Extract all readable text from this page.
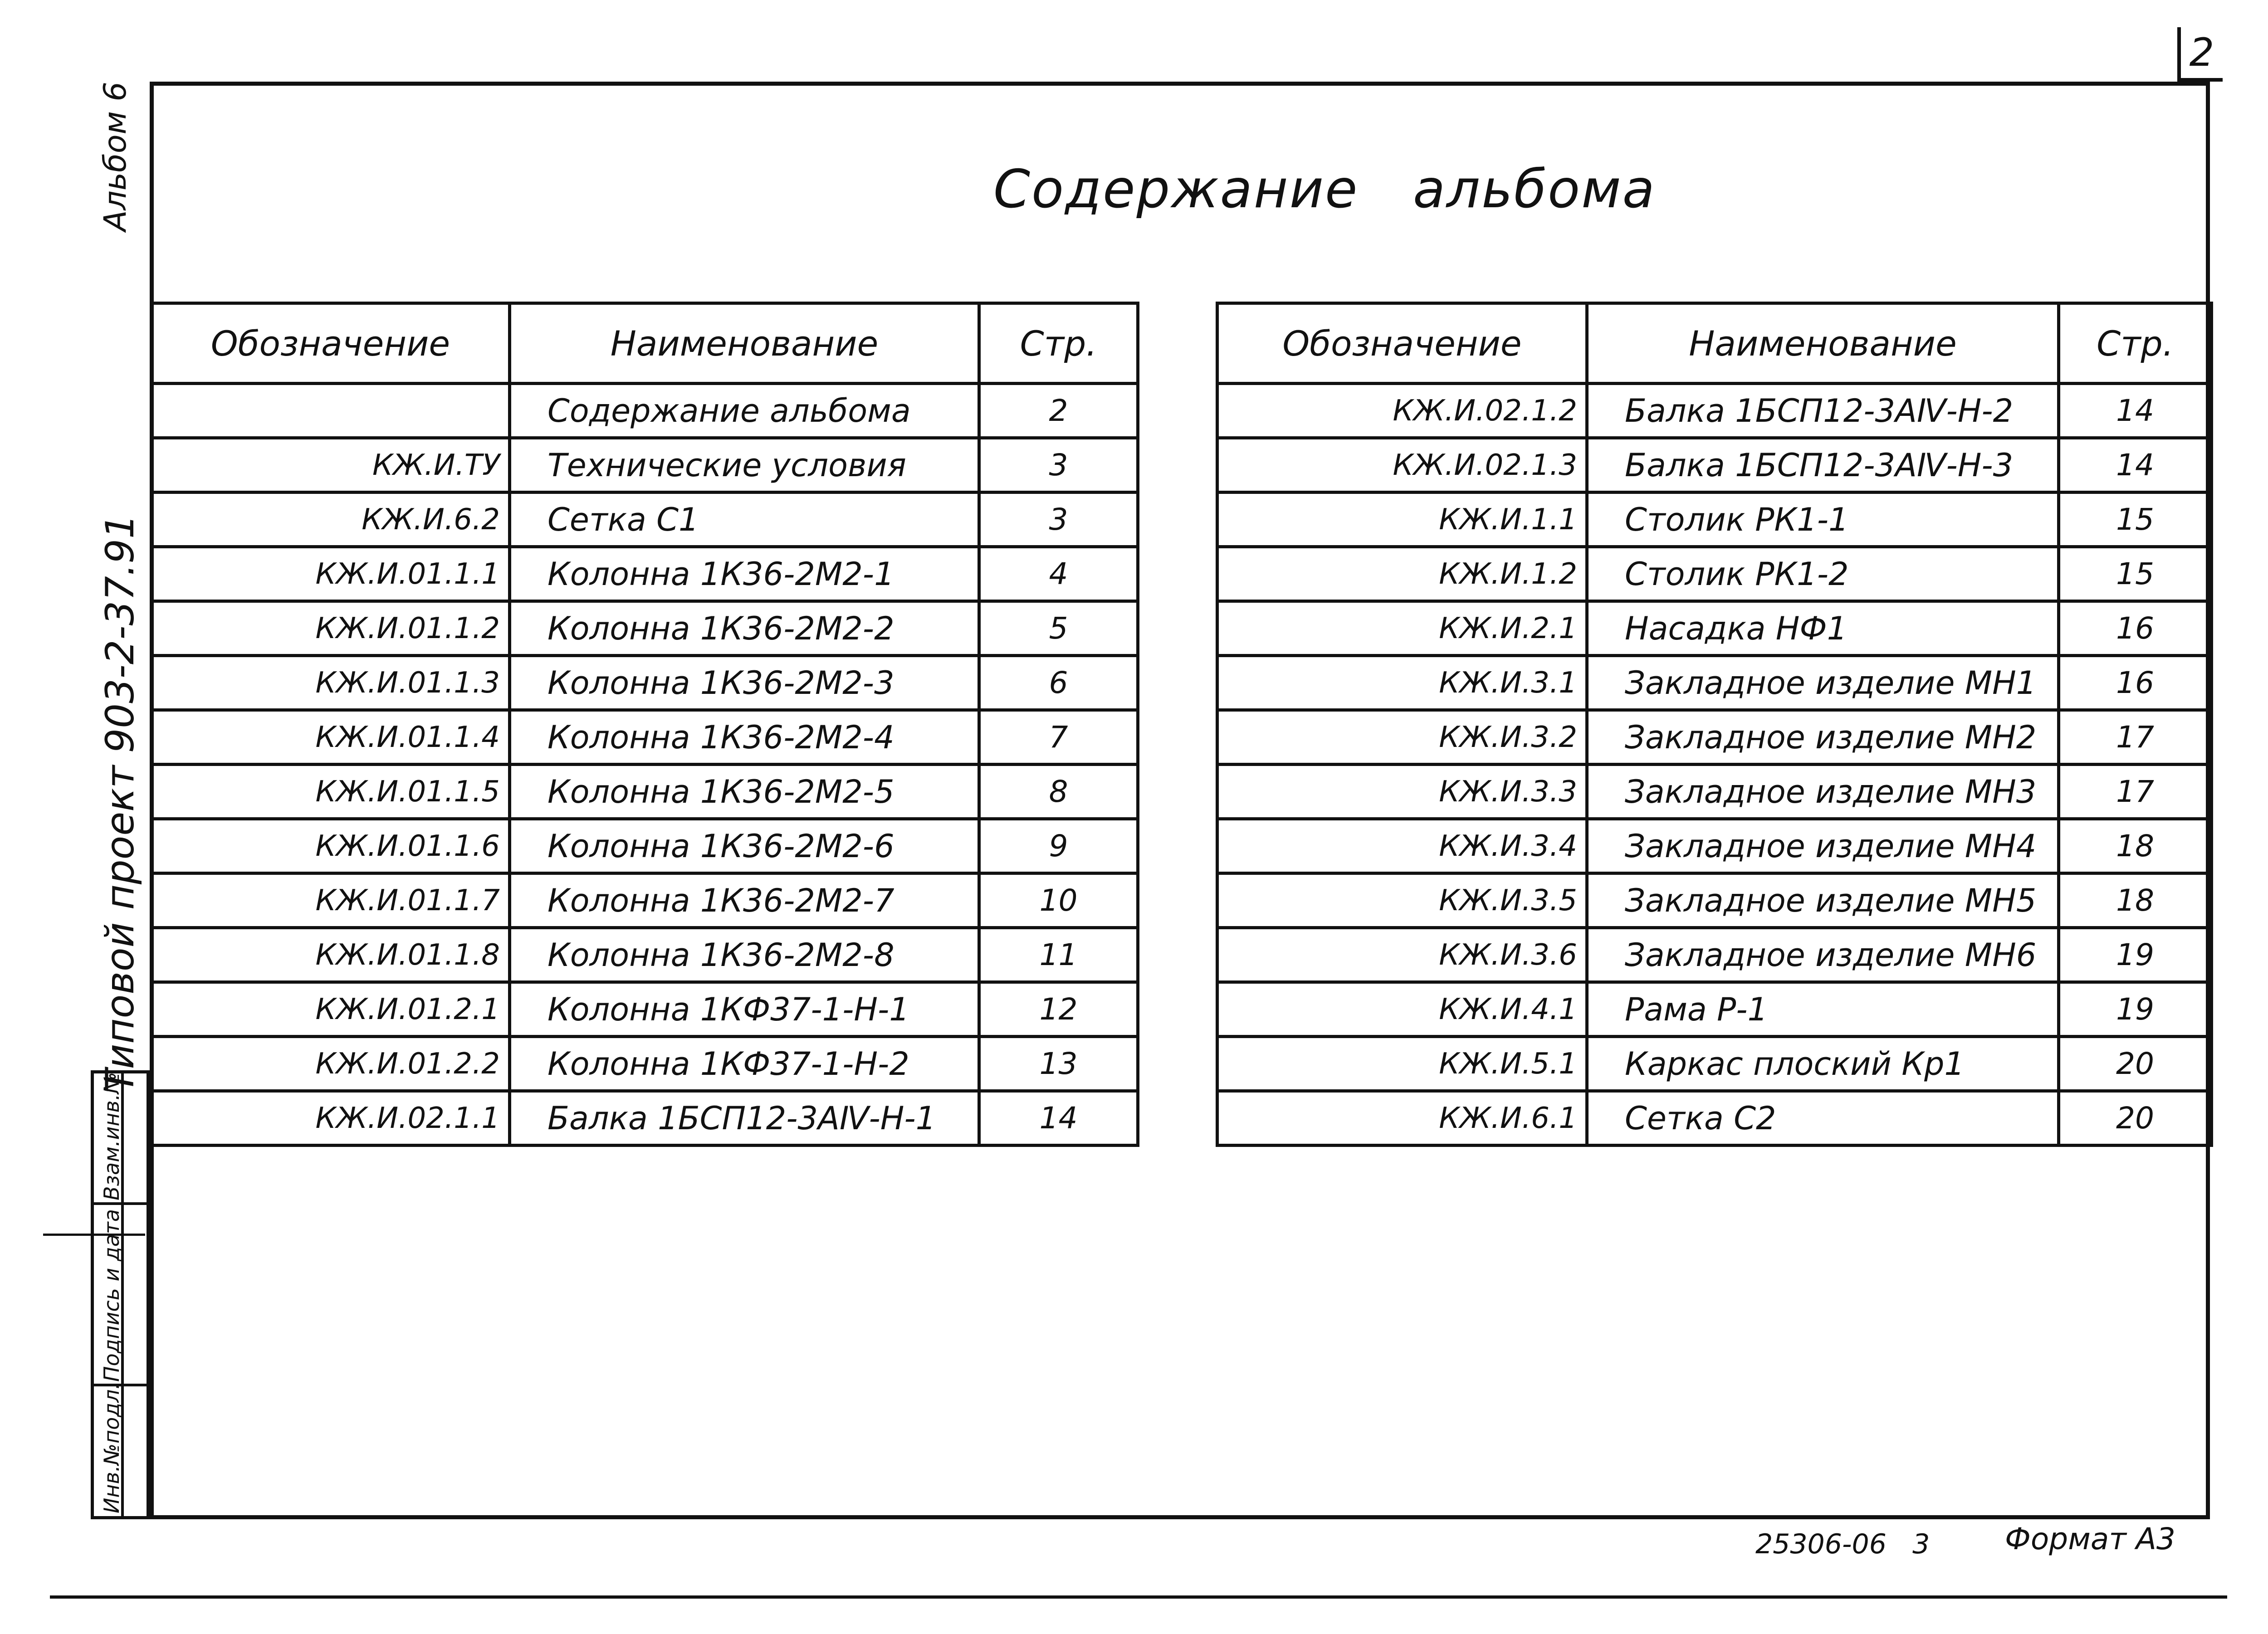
2
Содержание   альбома
Альбом 6
Типовой проект 903-2-37.91
Взам.инв.№
Подпись и дата
Инв.№подл.
Обозначение	Наименование	Стр.
	Содержание альбома	2
КЖ.И.ТУ	Технические условия	3
КЖ.И.6.2	Сетка С1	3
КЖ.И.01.1.1	Колонна 1К36-2М2-1	4
КЖ.И.01.1.2	Колонна 1К36-2М2-2	5
КЖ.И.01.1.3	Колонна 1К36-2М2-3	6
КЖ.И.01.1.4	Колонна 1К36-2М2-4	7
КЖ.И.01.1.5	Колонна 1К36-2М2-5	8
КЖ.И.01.1.6	Колонна 1К36-2М2-6	9
КЖ.И.01.1.7	Колонна 1К36-2М2-7	10
КЖ.И.01.1.8	Колонна 1К36-2М2-8	11
КЖ.И.01.2.1	Колонна 1КФ37-1-Н-1	12
КЖ.И.01.2.2	Колонна 1КФ37-1-Н-2	13
КЖ.И.02.1.1	Балка 1БСП12-3АⅣ-Н-1	14
Обозначение	Наименование	Стр.
КЖ.И.02.1.2	Балка 1БСП12-3АⅣ-Н-2	14
КЖ.И.02.1.3	Балка 1БСП12-3АⅣ-Н-3	14
КЖ.И.1.1	Столик РК1-1	15
КЖ.И.1.2	Столик РК1-2	15
КЖ.И.2.1	Насадка НФ1	16
КЖ.И.3.1	Закладное изделие МН1	16
КЖ.И.3.2	Закладное изделие МН2	17
КЖ.И.3.3	Закладное изделие МН3	17
КЖ.И.3.4	Закладное изделие МН4	18
КЖ.И.3.5	Закладное изделие МН5	18
КЖ.И.3.6	Закладное изделие МН6	19
КЖ.И.4.1	Рама Р-1	19
КЖ.И.5.1	Каркас плоский Кр1	20
КЖ.И.6.1	Сетка С2	20
25306-06   3	Формат А3
